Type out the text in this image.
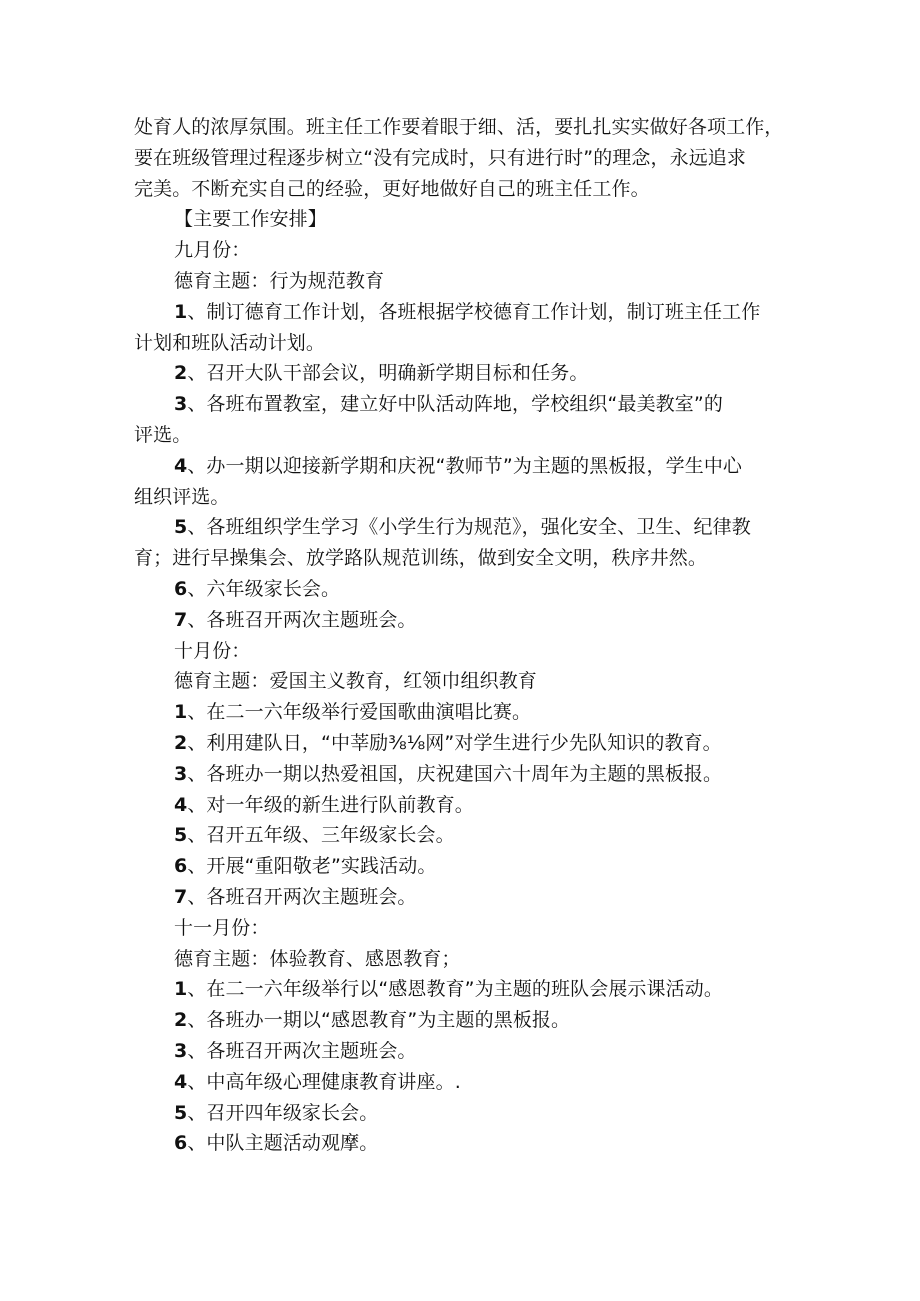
处育人的浓厚氛围。班主任工作要着眼于细、活，要扎扎实实做好各项工作，
要在班级管理过程逐步树立“没有完成时，只有进行时”的理念，永远追求
完美。不断充实自己的经验，更好地做好自己的班主任工作。
【主要工作安排】
九月份：
德育主题：行为规范教育
1、制订德育工作计划，各班根据学校德育工作计划，制订班主任工作
计划和班队活动计划。
2、召开大队干部会议，明确新学期目标和任务。
3、各班布置教室，建立好中队活动阵地，学校组织“最美教室”的
评选。
4、办一期以迎接新学期和庆祝“教师节”为主题的黑板报，学生中心
组织评选。
5、各班组织学生学习《小学生行为规范》，强化安全、卫生、纪律教
育；进行早操集会、放学路队规范训练，做到安全文明，秩序井然。
6、六年级家长会。
7、各班召开两次主题班会。
十月份：
德育主题：爱国主义教育，红领巾组织教育
1、在二一六年级举行爱国歌曲演唱比赛。
2、利用建队日，“中莘励⅜⅛网”对学生进行少先队知识的教育。
3、各班办一期以热爱祖国，庆祝建国六十周年为主题的黑板报。
4、对一年级的新生进行队前教育。
5、召开五年级、三年级家长会。
6、开展“重阳敬老”实践活动。
7、各班召开两次主题班会。
十一月份：
德育主题：体验教育、感恩教育；
1、在二一六年级举行以“感恩教育”为主题的班队会展示课活动。
2、各班办一期以“感恩教育”为主题的黑板报。
3、各班召开两次主题班会。
4、中高年级心理健康教育讲座。.
5、召开四年级家长会。
6、中队主题活动观摩。
